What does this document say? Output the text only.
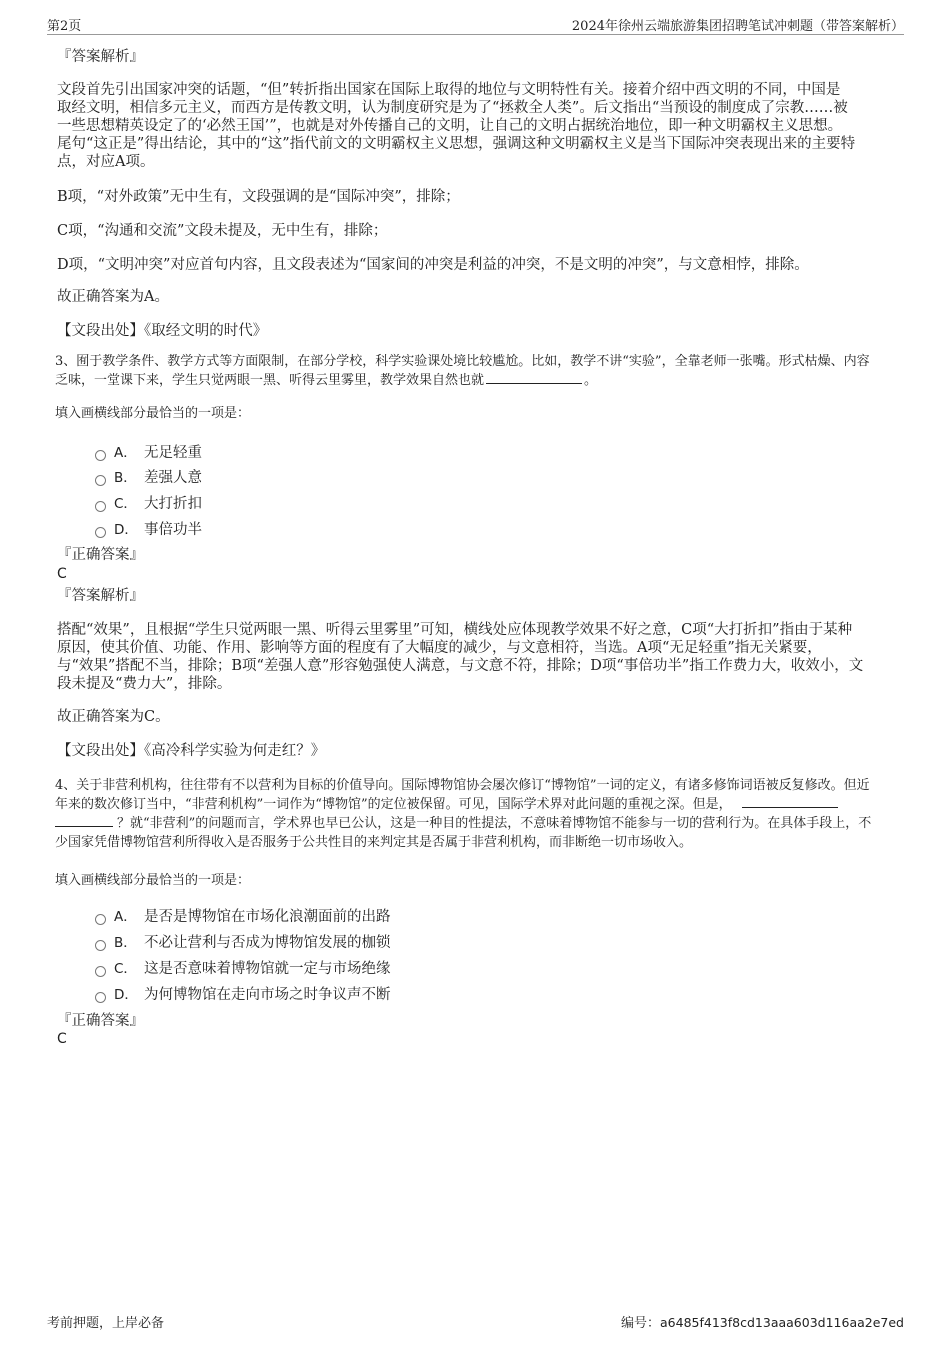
第2页	2024年徐州云端旅游集团招聘笔试冲刺题（带答案解析）
『答案解析』

文段首先引出国家冲突的话题，“但”转折指出国家在国际上取得的地位与文明特性有关。接着介绍中西文明的不同，中国是

取经文明，相信多元主义，而西方是传教文明，认为制度研究是为了“拯救全人类”。后文指出“当预设的制度成了宗教……被

一些思想精英设定了的‘必然王国’”，也就是对外传播自己的文明，让自己的文明占据统治地位，即一种文明霸权主义思想。

尾句“这正是”得出结论，其中的“这”指代前文的文明霸权主义思想，强调这种文明霸权主义是当下国际冲突表现出来的主要特

点，对应A项。

B项，“对外政策”无中生有，文段强调的是“国际冲突”，排除；
C项，“沟通和交流”文段未提及，无中生有，排除；
D项，“文明冲突”对应首句内容，且文段表述为“国家间的冲突是利益的冲突，不是文明的冲突”，与文意相悖，排除。
故正确答案为A。
【文段出处】《取经文明的时代》

3、囿于教学条件、教学方式等方面限制，在部分学校，科学实验课处境比较尴尬。比如，教学不讲“实验”，全靠老师一张嘴。形式枯燥、内容

乏味，一堂课下来，学生只觉两眼一黑、听得云里雾里，教学效果自然也就	。

填入画横线部分最恰当的一项是：
A． 无足轻重
B． 差强人意
C． 大打折扣
D． 事倍功半
『正确答案』
C
『答案解析』

搭配“效果”，且根据“学生只觉两眼一黑、听得云里雾里”可知，横线处应体现教学效果不好之意，C项“大打折扣”指由于某种

原因，使其价值、功能、作用、影响等方面的程度有了大幅度的减少，与文意相符，当选。A项“无足轻重”指无关紧要，

与“效果”搭配不当，排除；B项“差强人意”形容勉强使人满意，与文意不符，排除；D项“事倍功半”指工作费力大，收效小，文

段未提及“费力大”，排除。

故正确答案为C。
【文段出处】《高冷科学实验为何走红？》

4、关于非营利机构，往往带有不以营利为目标的价值导向。国际博物馆协会屡次修订“博物馆”一词的定义，有诸多修饰词语被反复修改。但近

年来的数次修订当中，“非营利机构”一词作为“博物馆”的定位被保留。可见，国际学术界对此问题的重视之深。但是，

？就“非营利”的问题而言，学术界也早已公认，这是一种目的性提法，不意味着博物馆不能参与一切的营利行为。在具体手段上，不

少国家凭借博物馆营利所得收入是否服务于公共性目的来判定其是否属于非营利机构，而非断绝一切市场收入。

填入画横线部分最恰当的一项是：
A． 是否是博物馆在市场化浪潮面前的出路
B． 不必让营利与否成为博物馆发展的枷锁
C． 这是否意味着博物馆就一定与市场绝缘
D． 为何博物馆在走向市场之时争议声不断
『正确答案』
C
考前押题，上岸必备	编号：a6485f413f8cd13aaa603d116aa2e7ed
